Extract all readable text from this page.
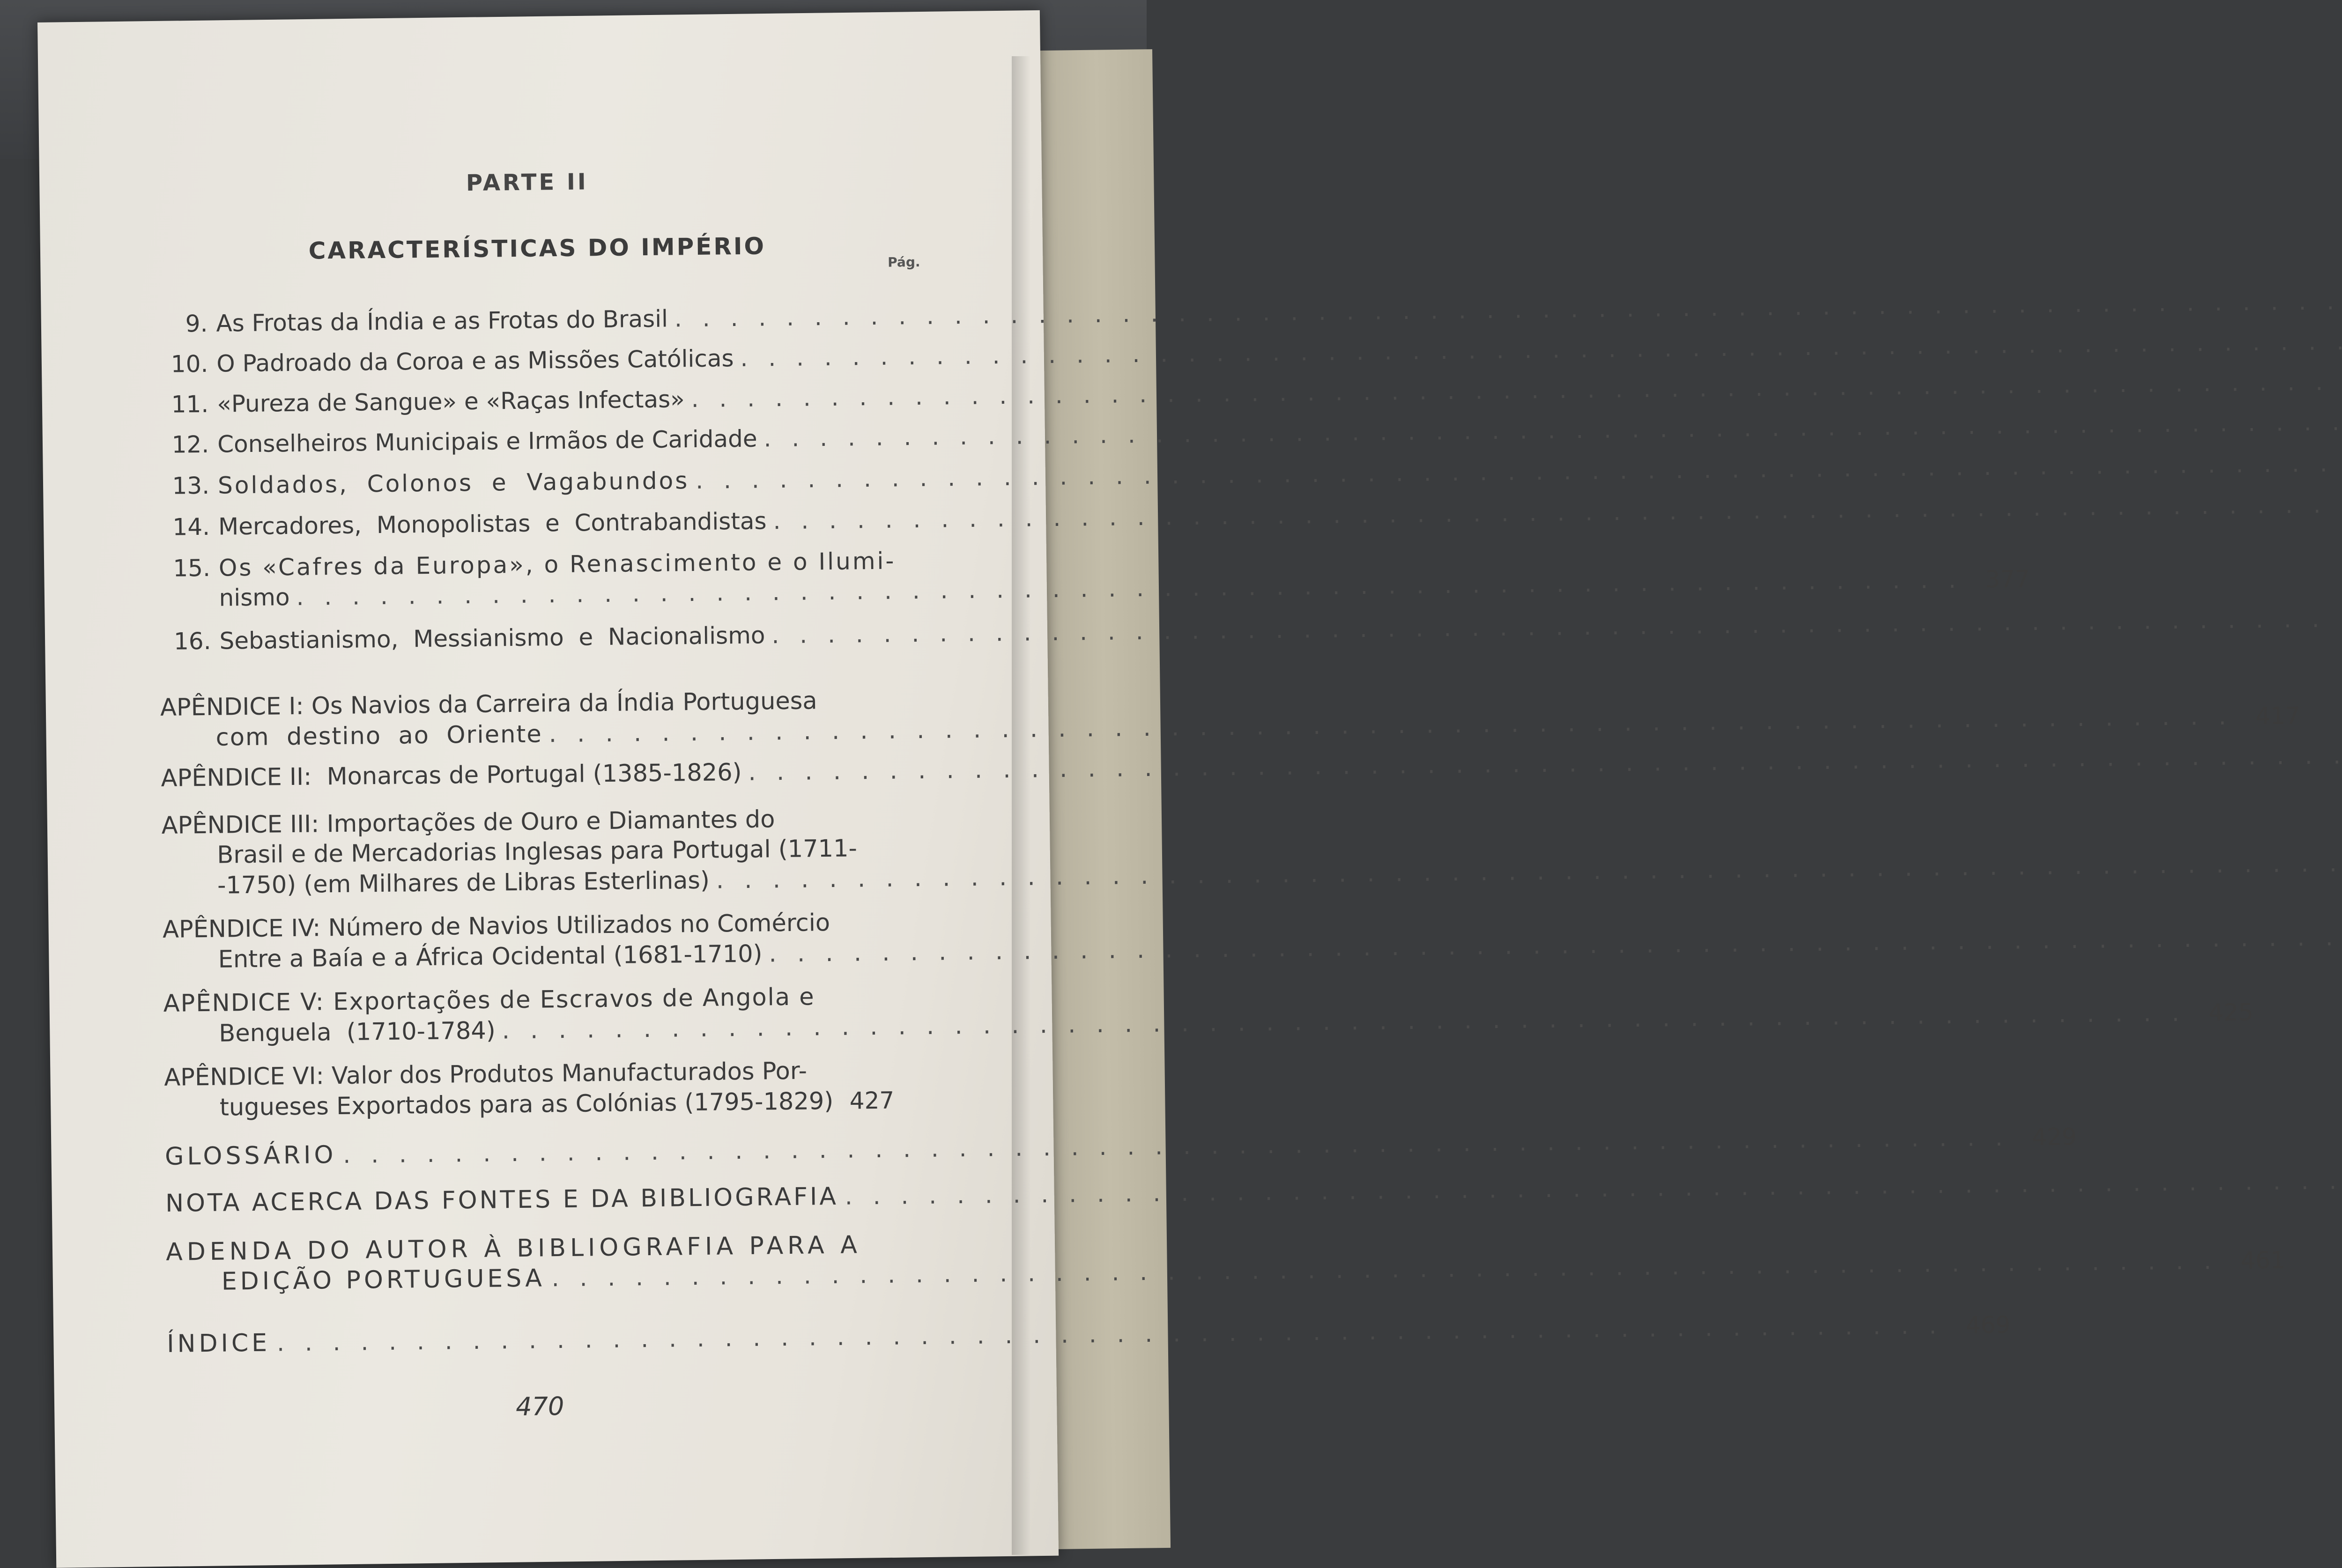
PARTE II
CARACTERÍSTICAS DO IMPÉRIO	Pág.
9. As Frotas da Índia e as Frotas do Brasil
. . .
10. O Padroado da Coroa e as Missões Católicas
. . .
11. «Pureza de Sangue» e «Raças Infectas»
. . .
12. Conselheiros Municipais e Irmãos de Caridade
. . .
13. Soldados,  Colonos  e  Vagabundos
. . .
14. Mercadores,  Monopolistas  e  Contrabandistas
. . .
15. Os «Cafres da Europa», o Renascimento e o Ilumi-
nismo
. . .
377
16. Sebastianismo,  Messianismo  e  Nacionalismo
. . .
APÊNDICE I: Os Navios da Carreira da Índia Portuguesa
com  destino  ao  Oriente
. . .
417
APÊNDICE II:  Monarcas de Portugal (1385-1826)
. . .
APÊNDICE III: Importações de Ouro e Diamantes do
Brasil e de Mercadorias Inglesas para Portugal (1711-
-1750) (em Milhares de Libras Esterlinas)
. . .
APÊNDICE IV: Número de Navios Utilizados no Comércio
Entre a Baía e a África Ocidental (1681-1710)
. . .
APÊNDICE V: Exportações de Escravos de Angola e
Benguela  (1710-1784)
. . .
425
APÊNDICE VI: Valor dos Produtos Manufacturados Por-
tugueses Exportados para as Colónias (1795-1829) 427
GLOSSÁRIO
. . .
429
NOTA ACERCA DAS FONTES E DA BIBLIOGRAFIA
. . .
ADENDA DO AUTOR À BIBLIOGRAFIA PARA A
EDIÇÃO PORTUGUESA
. . .
461
ÍNDICE
. . .
469
470
